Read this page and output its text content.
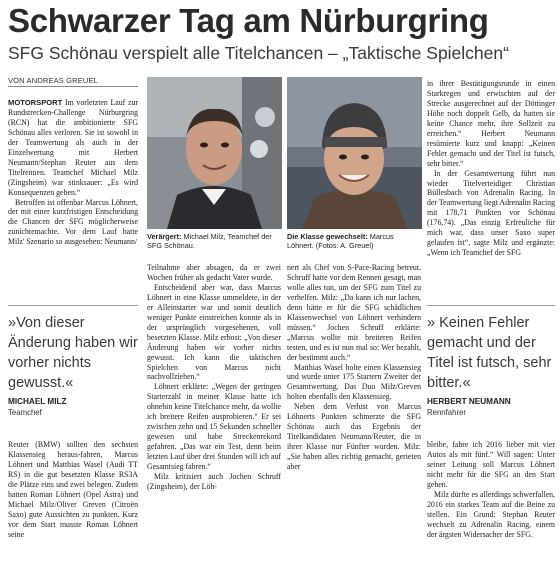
Schwarzer Tag am Nürburgring
SFG Schönau verspielt alle Titelchancen – „Taktische Spielchen“
VON ANDREAS GREUEL

MOTORSPORT Im vorletzten Lauf zur Rundstrecken-Challenge Nürburgring (RCN) hat die ambitionierte SFG Schönau alles verloren. Sie ist sowohl in der Teamwertung als auch in der Einzelwertung mit Herbert Neumann/Stephan Reuter aus dem Titelrennen. Teamchef Michael Milz (Zingsheim) war stinksauer: „Es wird Konsequenzen geben.“

Betroffen ist offenbar Marcus Löhnert, der mit einer kurzfristigen Entscheidung die Chancen der SFG möglicherweise zunichtemachte. Vor dem Lauf hatte Milz' Szenario so ausgesehen: Neumann/

»Von dieser Änderung haben wir vorher nichts gewusst.«
MICHAEL MILZ
Teamchef

Reuter (BMW) sollten den sechsten Klassensieg heraus-fahren, Marcus Löhnert und Matthias Wasel (Audi TT RS) in die gut besetzten Klasse RS3A die Plätze eins und zwei belegen. Zudem hatten Roman Löhnert (Opel Astra) und Michael Milz/Oliver Greven (Citroën Saxo) gute Aussichten zu punkten. Kurz vor dem Start musste Roman Löhnert seine

Verärgert: Michael Milz, Teamchef der SFG Schönau.
Die Klasse gewechselt: Marcus Löhnert. (Fotos: A. Greuel)

Teilnahme aber absagen, da er zwei Wochen früher als gedacht Vater wurde.

Entscheidend aber war, dass Marcus Löhnert in eine Klasse ummeldete, in der er Alleinstarter war und somit deutlich weniger Punkte einstreichen konnte als in der ursprünglich vorgesehenen, voll besetzten Klasse. Milz erbost: „Von dieser Änderung haben wir vorher nichts gewusst. Ich kann die taktischen Spielchen von Marcus nicht nachvollziehen.“

Löhnert erklärte: „Wegen der geringen Starterzahl in meiner Klasse hatte ich ohnehin keine Titelchance mehr, da wollte ich breitere Reifen ausprobieren.“ Er sei zwischen zehn und 15 Sekunden schneller gewesen und habe Streckenrekord gefahren. „Das war ein Test, denn beim letzten Lauf über drei Stunden will ich auf Gesamtsieg fahren.“

Milz kritisiert auch Jochen Schruff (Zingsheim), der Löh-

nert als Chef von S-Pace-Racing betreut. Schruff hatte vor dem Rennen gesagt, man wolle alles tun, um der SFG zum Titel zu verhelfen. Milz: „Da kann ich nur lachen, denn hätte er für die SFG schädlichen Klassenwechsel von Löhnert verhindern müssen.“ Jochen Schruff erklärte: „Marcus wollte mit breiteren Reifen testen, und es ist nun mal so: Wer bezahlt, der bestimmt auch.“

Matthias Wasel holte einen Klassensieg und wurde unter 175 Startern Zweiter der Gesamtwertung. Das Duo Milz/Greven holten ebenfalls den Klassensieg.

Neben dem Verlust von Marcus Löhnerts Punkten schmerzte die SFG Schönau auch das Ergebnis der Titelkandidaten Neumann/Reuter, die in ihrer Klasse nur Fünfter wurden. Milz: „Sie haben alles richtig gemacht, gerieten aber

in ihrer Bestätigungsrunde in einen Starkregen und erwischten auf der Strecke ausgerechnet auf der Döttinger Höhe noch doppelt Gelb, da hatten sie keine Chance mehr, ihre Sollzeit zu erreichen.“ Herbert Neumann resümierte kurz und knapp: „Keinen Fehler gemacht und der Titel ist futsch, sehr bitter.“

In der Gesamtwertung führt nun wieder Titelverteidiger Christian Büllesbach von Adrenalin Racing. In der Teamwertung liegt Adrenalin Racing mit 178,71 Punkten vor Schönau (176,74). „Das einzig Erfreuliche für mich war, dass unser Saxo super gelaufen ist“, sagte Milz und ergänzte: „Wenn ich Teamchef der SFG

» Keinen Fehler gemacht und der Titel ist futsch, sehr bitter.«
HERBERT NEUMANN
Rennfahrer

bleibe, fahre ich 2016 lieber mit vier Autos als mit fünf.“ Will sagen: Unter seiner Leitung soll Marcus Löhnert nicht mehr für die SFG an den Start gehen.

Milz dürfte es allerdings schwerfallen, 2016 ein starkes Team auf die Beine zu stellen. Ein Grund: Stephan Reuter wechselt zu Adrenalin Racing, einem der ärgsten Widersacher der SFG.
